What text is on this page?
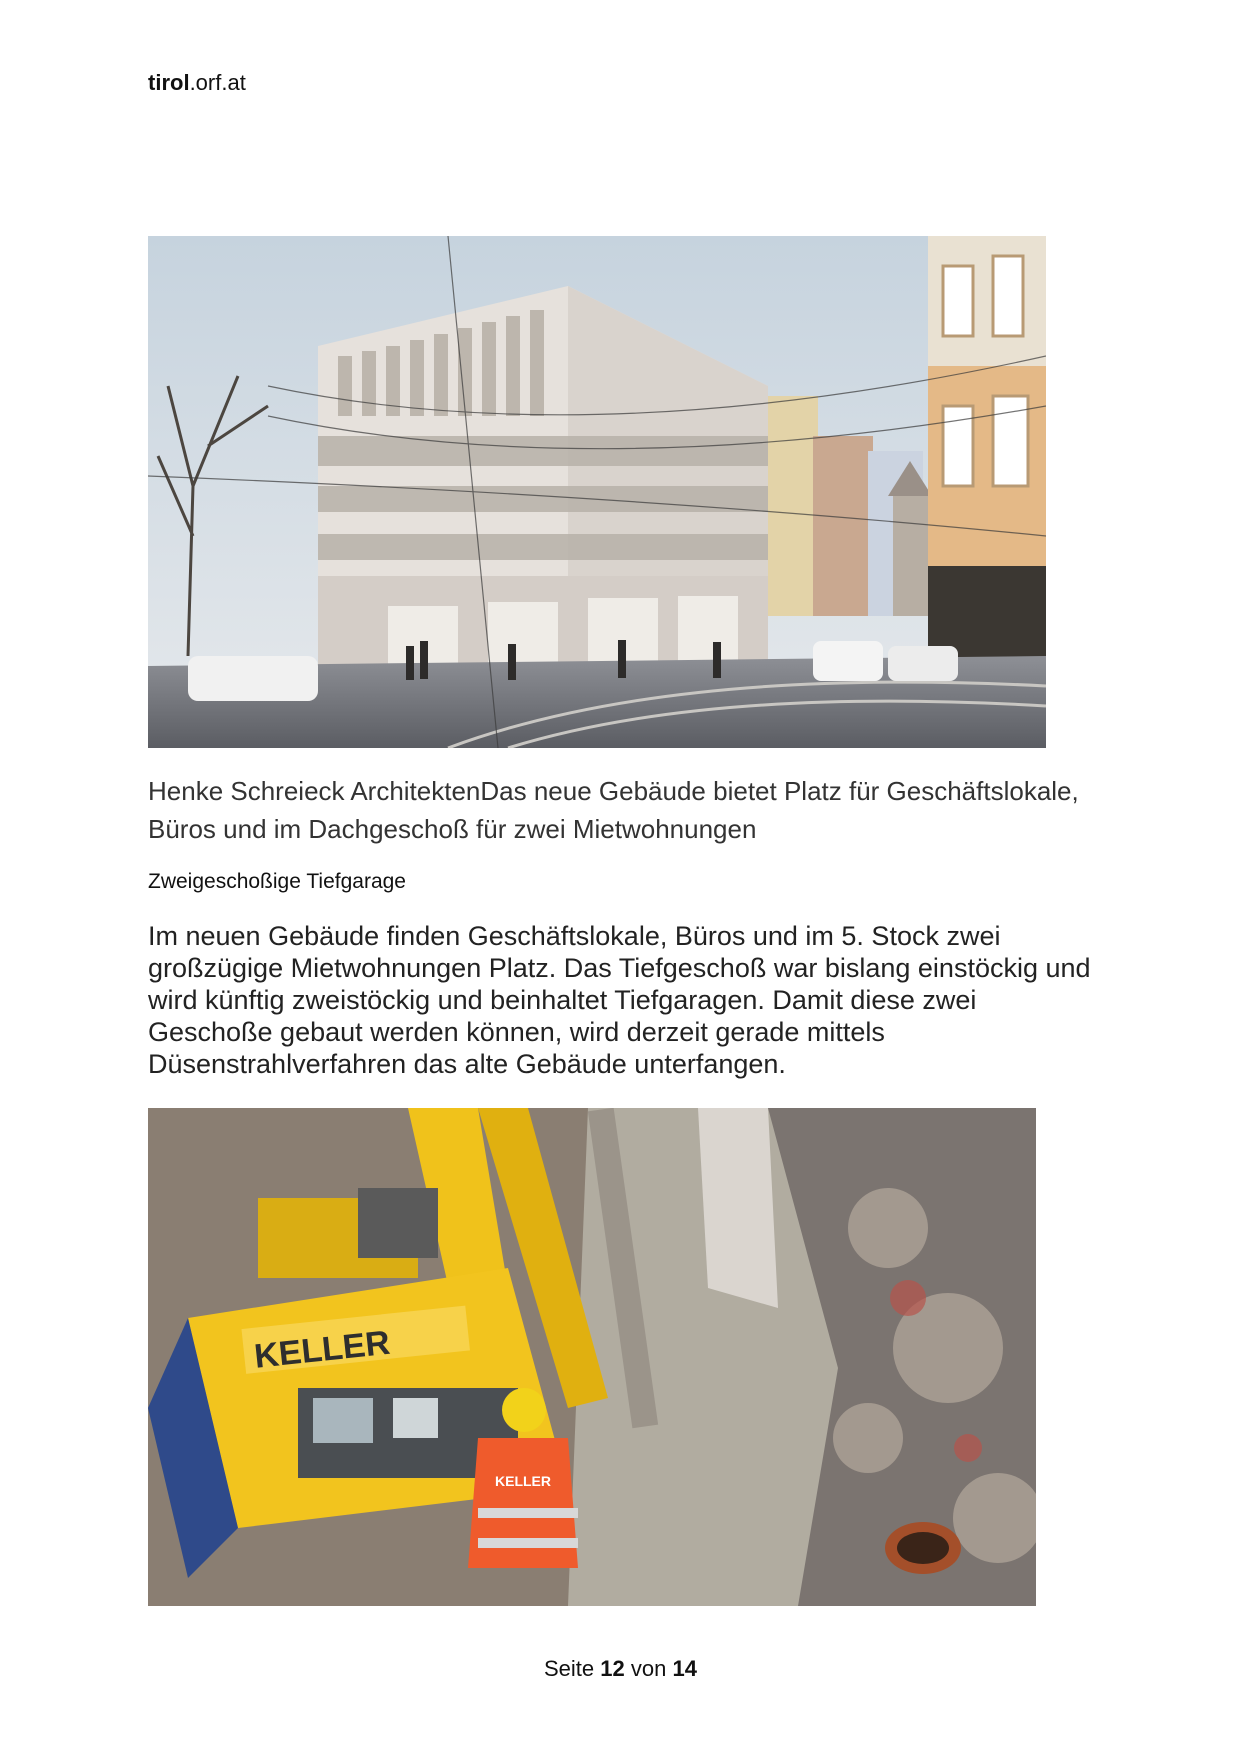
tirol.orf.at
Henke Schreieck ArchitektenDas neue Gebäude bietet Platz für Geschäftslokale, Büros und im Dachgeschoß für zwei Mietwohnungen
Zweigeschoßige Tiefgarage
Im neuen Gebäude finden Geschäftslokale, Büros und im 5. Stock zwei großzügige Mietwohnungen Platz. Das Tiefgeschoß war bislang einstöckig und wird künftig zweistöckig und beinhaltet Tiefgaragen. Damit diese zwei Geschoße gebaut werden können, wird derzeit gerade mittels Düsenstrahlverfahren das alte Gebäude unterfangen.
KELLER
KELLER
Seite 12 von 14
